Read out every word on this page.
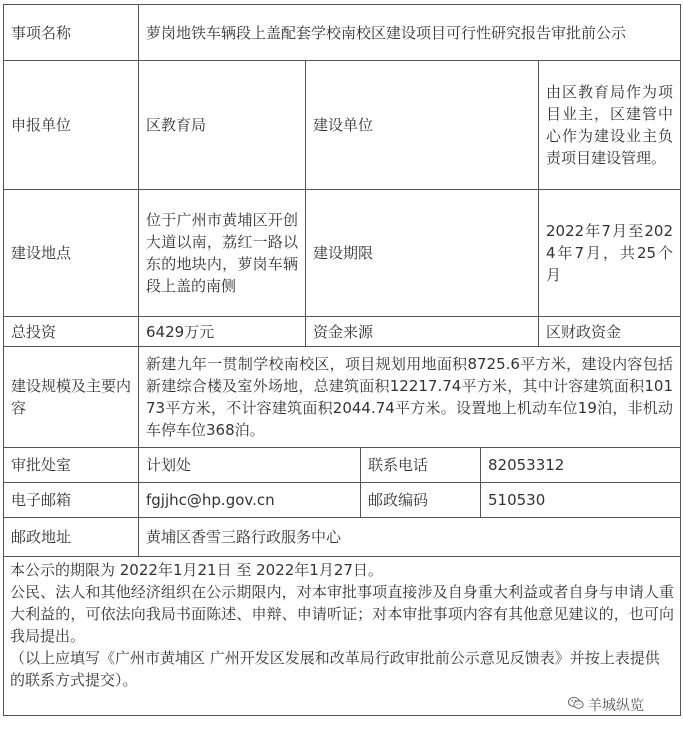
事项名称	萝岗地铁车辆段上盖配套学校南校区建设项目可行性研究报告审批前公示				
申报单位	区教育局	建设单位			由区教育局作为项目业主，区建管中心作为建设业主负责项目建设管理。
建设地点	位于广州市黄埔区开创大道以南，荔红一路以东的地块内，萝岗车辆段上盖的南侧	建设期限			2022年7月至2024年7月，共25个月
总投资	6429万元	资金来源			区财政资金
建设规模及主要内容	新建九年一贯制学校南校区，项目规划用地面积8725.6平方米，建设内容包括新建综合楼及室外场地，总建筑面积12217.74平方米，其中计容建筑面积10173平方米，不计容建筑面积2044.74平方米。设置地上机动车位19泊，非机动车停车位368泊。				
审批处室	计划处		联系电话	82053312	
电子邮箱	fgjjhc@hp.gov.cn		邮政编码	510530	
邮政地址	黄埔区香雪三路行政服务中心				

本公示的期限为 2022年1月21日 至 2022年1月27日。

公民、法人和其他经济组织在公示期限内，对本审批事项直接涉及自身重大利益或者自身与申请人重大利益的，可依法向我局书面陈述、申辩、申请听证；对本审批事项内容有其他意见建议的，也可向我局提出。

（以上应填写《广州市黄埔区 广州开发区发展和改革局行政审批前公示意见反馈表》并按上表提供的联系方式提交）。					

羊城纵览
